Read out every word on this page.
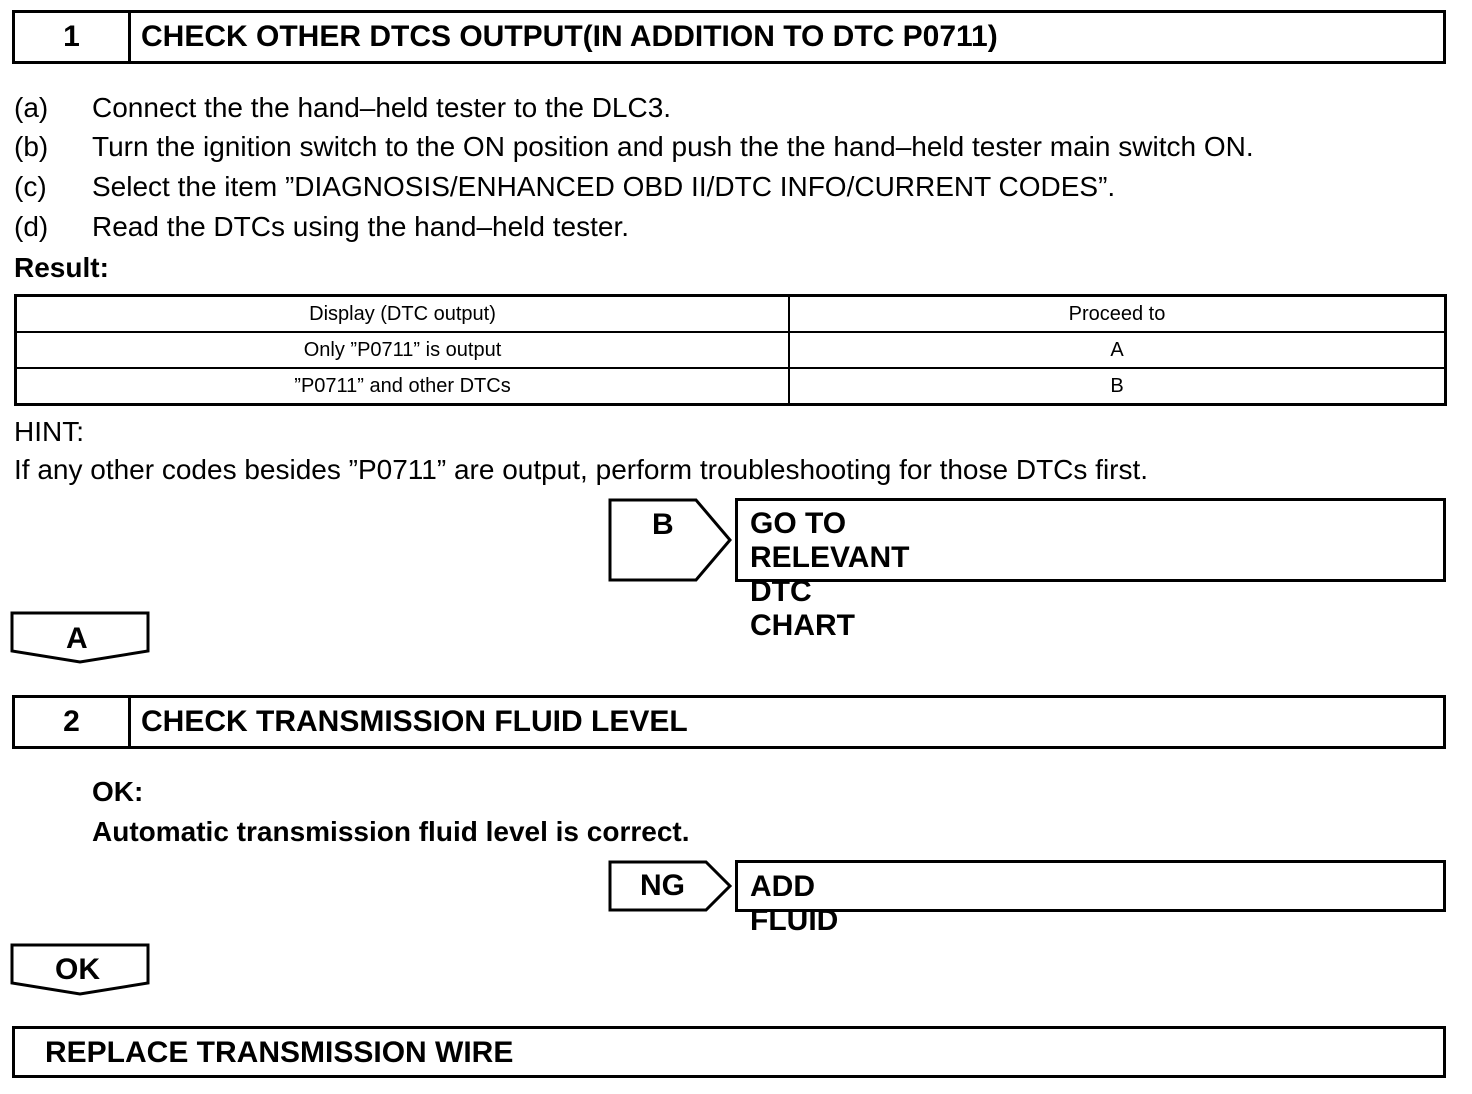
1	CHECK OTHER DTCS OUTPUT(IN ADDITION TO DTC P0711)
(a) Connect the the hand–held tester to the DLC3.
(b) Turn the ignition switch to the ON position and push the the hand–held tester main switch ON.
(c) Select the item ”DIAGNOSIS/ENHANCED OBD II/DTC INFO/CURRENT CODES”.
(d) Read the DTCs using the hand–held tester.
Result:
Display (DTC output)	Proceed to
Only ”P0711” is output	A
”P0711” and other DTCs	B
HINT:
If any other codes besides ”P0711” are output, perform troubleshooting for those DTCs first.
B	GO TO RELEVANT DTC CHART
A
2	CHECK TRANSMISSION FLUID LEVEL
OK:
Automatic transmission fluid level is correct.
NG ADD FLUID
OK
REPLACE TRANSMISSION WIRE
